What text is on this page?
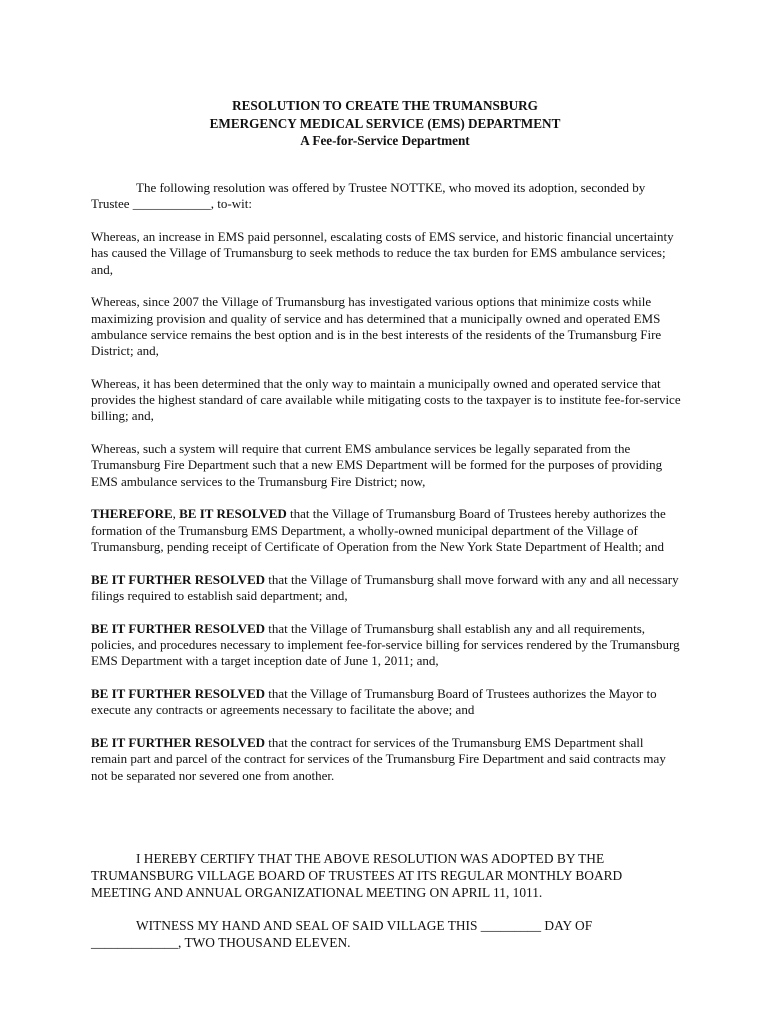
RESOLUTION TO CREATE THE TRUMANSBURG
EMERGENCY MEDICAL SERVICE (EMS) DEPARTMENT
A Fee-for-Service Department

The following resolution was offered by Trustee NOTTKE, who moved its adoption, seconded by Trustee ____________, to-wit:

Whereas, an increase in EMS paid personnel, escalating costs of EMS service, and historic financial uncertainty has caused the Village of Trumansburg to seek methods to reduce the tax burden for EMS ambulance services; and,

Whereas, since 2007 the Village of Trumansburg has investigated various options that minimize costs while maximizing provision and quality of service and has determined that a municipally owned and operated EMS ambulance service remains the best option and is in the best interests of the residents of the Trumansburg Fire District; and,

Whereas, it has been determined that the only way to maintain a municipally owned and operated service that provides the highest standard of care available while mitigating costs to the taxpayer is to institute fee-for-service billing; and,

Whereas, such a system will require that current EMS ambulance services be legally separated from the Trumansburg Fire Department such that a new EMS Department will be formed for the purposes of providing EMS ambulance services to the Trumansburg Fire District; now,

THEREFORE, BE IT RESOLVED that the Village of Trumansburg Board of Trustees hereby authorizes the formation of the Trumansburg EMS Department, a wholly-owned municipal department of the Village of Trumansburg, pending receipt of Certificate of Operation from the New York State Department of Health; and

BE IT FURTHER RESOLVED that the Village of Trumansburg shall move forward with any and all necessary filings required to establish said department; and,

BE IT FURTHER RESOLVED that the Village of Trumansburg shall establish any and all requirements, policies, and procedures necessary to implement fee-for-service billing for services rendered by the Trumansburg EMS Department with a target inception date of June 1, 2011; and,

BE IT FURTHER RESOLVED that the Village of Trumansburg Board of Trustees authorizes the Mayor to execute any contracts or agreements necessary to facilitate the above; and

BE IT FURTHER RESOLVED that the contract for services of the Trumansburg EMS Department shall remain part and parcel of the contract for services of the Trumansburg Fire Department and said contracts may not be separated nor severed one from another.

I HEREBY CERTIFY THAT THE ABOVE RESOLUTION WAS ADOPTED BY THE TRUMANSBURG VILLAGE BOARD OF TRUSTEES AT ITS REGULAR MONTHLY BOARD MEETING AND ANNUAL ORGANIZATIONAL MEETING ON APRIL 11, 1011.

WITNESS MY HAND AND SEAL OF SAID VILLAGE THIS _________ DAY OF _____________, TWO THOUSAND ELEVEN.
